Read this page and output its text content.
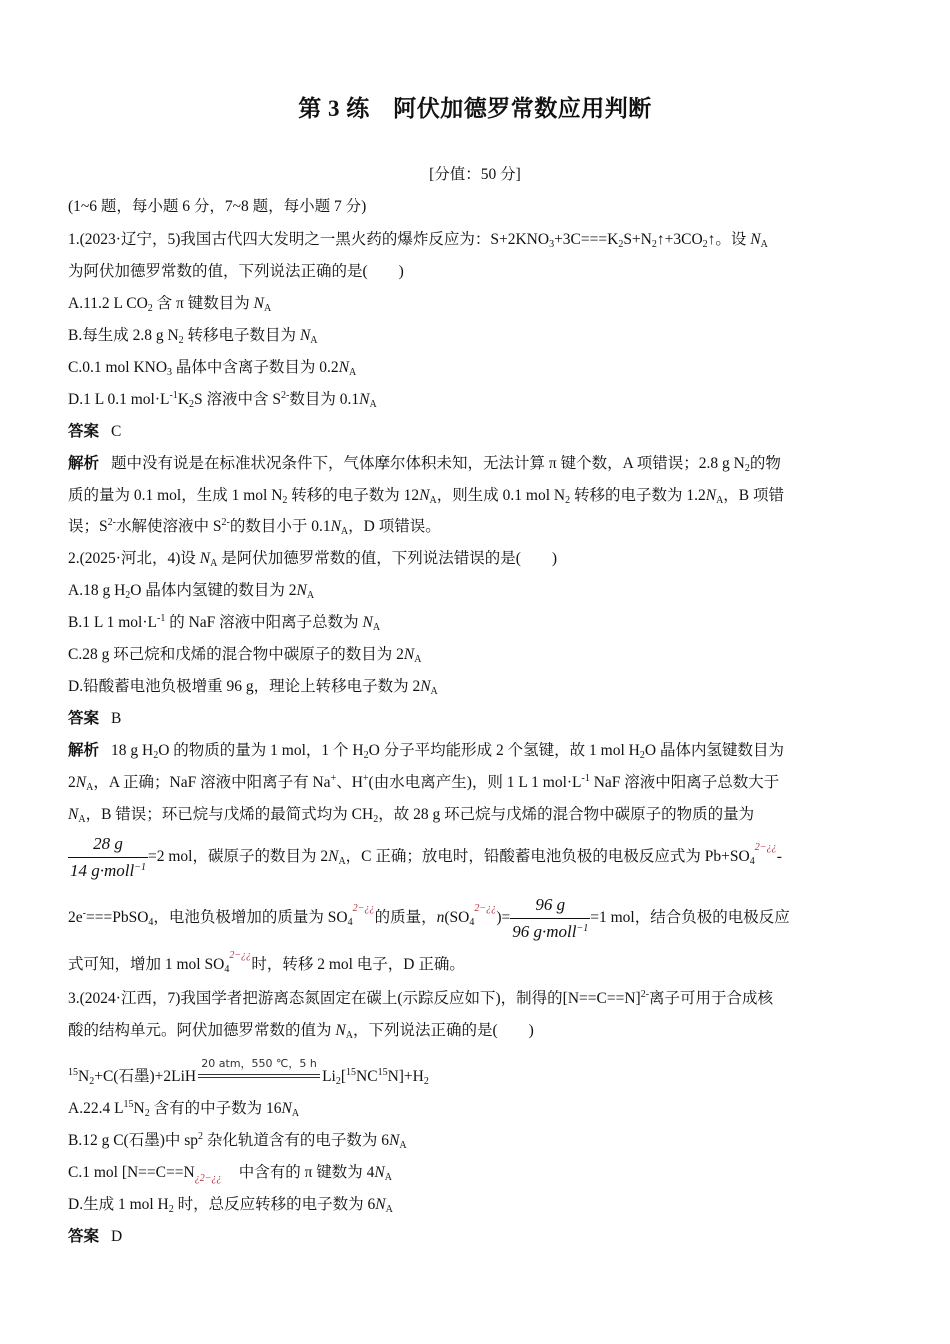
第 3 练　阿伏加德罗常数应用判断
[分值：50 分]
(1~6 题，每小题 6 分，7~8 题，每小题 7 分)
1.(2023·辽宁，5)我国古代四大发明之一黑火药的爆炸反应为：$S+2KNO_3+3C===K_2S+N_2↑+3CO_2↑$。设 $N_A$
为阿伏加德罗常数的值，下列说法正确的是(　　)
A.11.2 L $CO_2$ 含 π 键数目为 $N_A$
B.每生成 2.8 g $N_2$ 转移电子数目为 $N_A$
C.0.1 mol $KNO_3$ 晶体中含离子数目为 $0.2N_A$
D.1 L 0.1 $mol\cdot L^{-1}K_2S$ 溶液中含 $S^{2-}$数目为 $0.1N_A$
答案 C
解析 题中没有说是在标准状况条件下，气体摩尔体积未知，无法计算 π 键个数，A 项错误；2.8 g $N_2$的物
质的量为 0.1 mol，生成 1 mol $N_2$ 转移的电子数为 $12N_A$，则生成 0.1 mol $N_2$ 转移的电子数为 $1.2N_A$，B 项错
误；$S^{2-}$水解使溶液中 $S^{2-}$的数目小于 $0.1N_A$，D 项错误。
2.(2025·河北，4)设 $N_A$ 是阿伏加德罗常数的值，下列说法错误的是(　　)
A.18 g $H_2O$ 晶体内氢键的数目为 $2N_A$
B.1 L 1 $mol\cdot L^{-1}$ 的 NaF 溶液中阳离子总数为 $N_A$
C.28 g 环己烷和戊烯的混合物中碳原子的数目为 $2N_A$
D.铅酸蓄电池负极增重 96 g，理论上转移电子数为 $2N_A$
答案 B
解析 18 g $H_2O$ 的物质的量为 1 mol，1 个 $H_2O$ 分子平均能形成 2 个氢键，故 1 mol $H_2O$ 晶体内氢键数目为
$2N_A$，A 正确；NaF 溶液中阳离子有 Na+、H+(由水电离产生)，则 1 L 1 $mol\cdot L^{-1}$ NaF 溶液中阳离子总数大于
$N_A$，B 错误；环已烷与戊烯的最简式均为 $CH_2$，故 28 g 环己烷与戊烯的混合物中碳原子的物质的量为
$\frac{28 g}{14 g\cdot moll^{-1}} =2$ mol，碳原子的数目为 $2N_A$，C 正确；放电时，铅酸蓄电池负极的电极反应式为 $Pb+SO_4$
2−¿¿
-
2e-===PbSO$_4$，电池负极增加的质量为 $SO_4$
2−¿¿
的质量，$n(SO_4$
2−¿¿
)= $\frac{96 g}{96 g\cdot moll^{-1}} =1$ mol，结合负极的电极反应
式可知，增加 1 mol $SO_4$
2−¿¿
时，转移 2 mol 电子，D 正确。
3.(2024·江西，7)我国学者把游离态氮固定在碳上(示踪反应如下)，制得的[N==C==N]$^{2-}$离子可用于合成核
酸的结构单元。阿伏加德罗常数的值为 $N_A$，下列说法正确的是(　　)
$^{15}N_2+C$(石墨)+2LiH
20 atm，550 ℃，5 h
$Li_2[^{15}NC^{15}N]+H_2$
A.22.4 $L^{15}N_2$ 含有的中子数为 $16N_A$
B.12 g C(石墨)中 $sp^2$ 杂化轨道含有的电子数为 $6N_A$
C.1 mol [N==C==N ¿2−¿¿ 中含有的 π 键数为 $4N_A$
D.生成 1 mol $H_2$ 时，总反应转移的电子数为 $6N_A$
答案 D
